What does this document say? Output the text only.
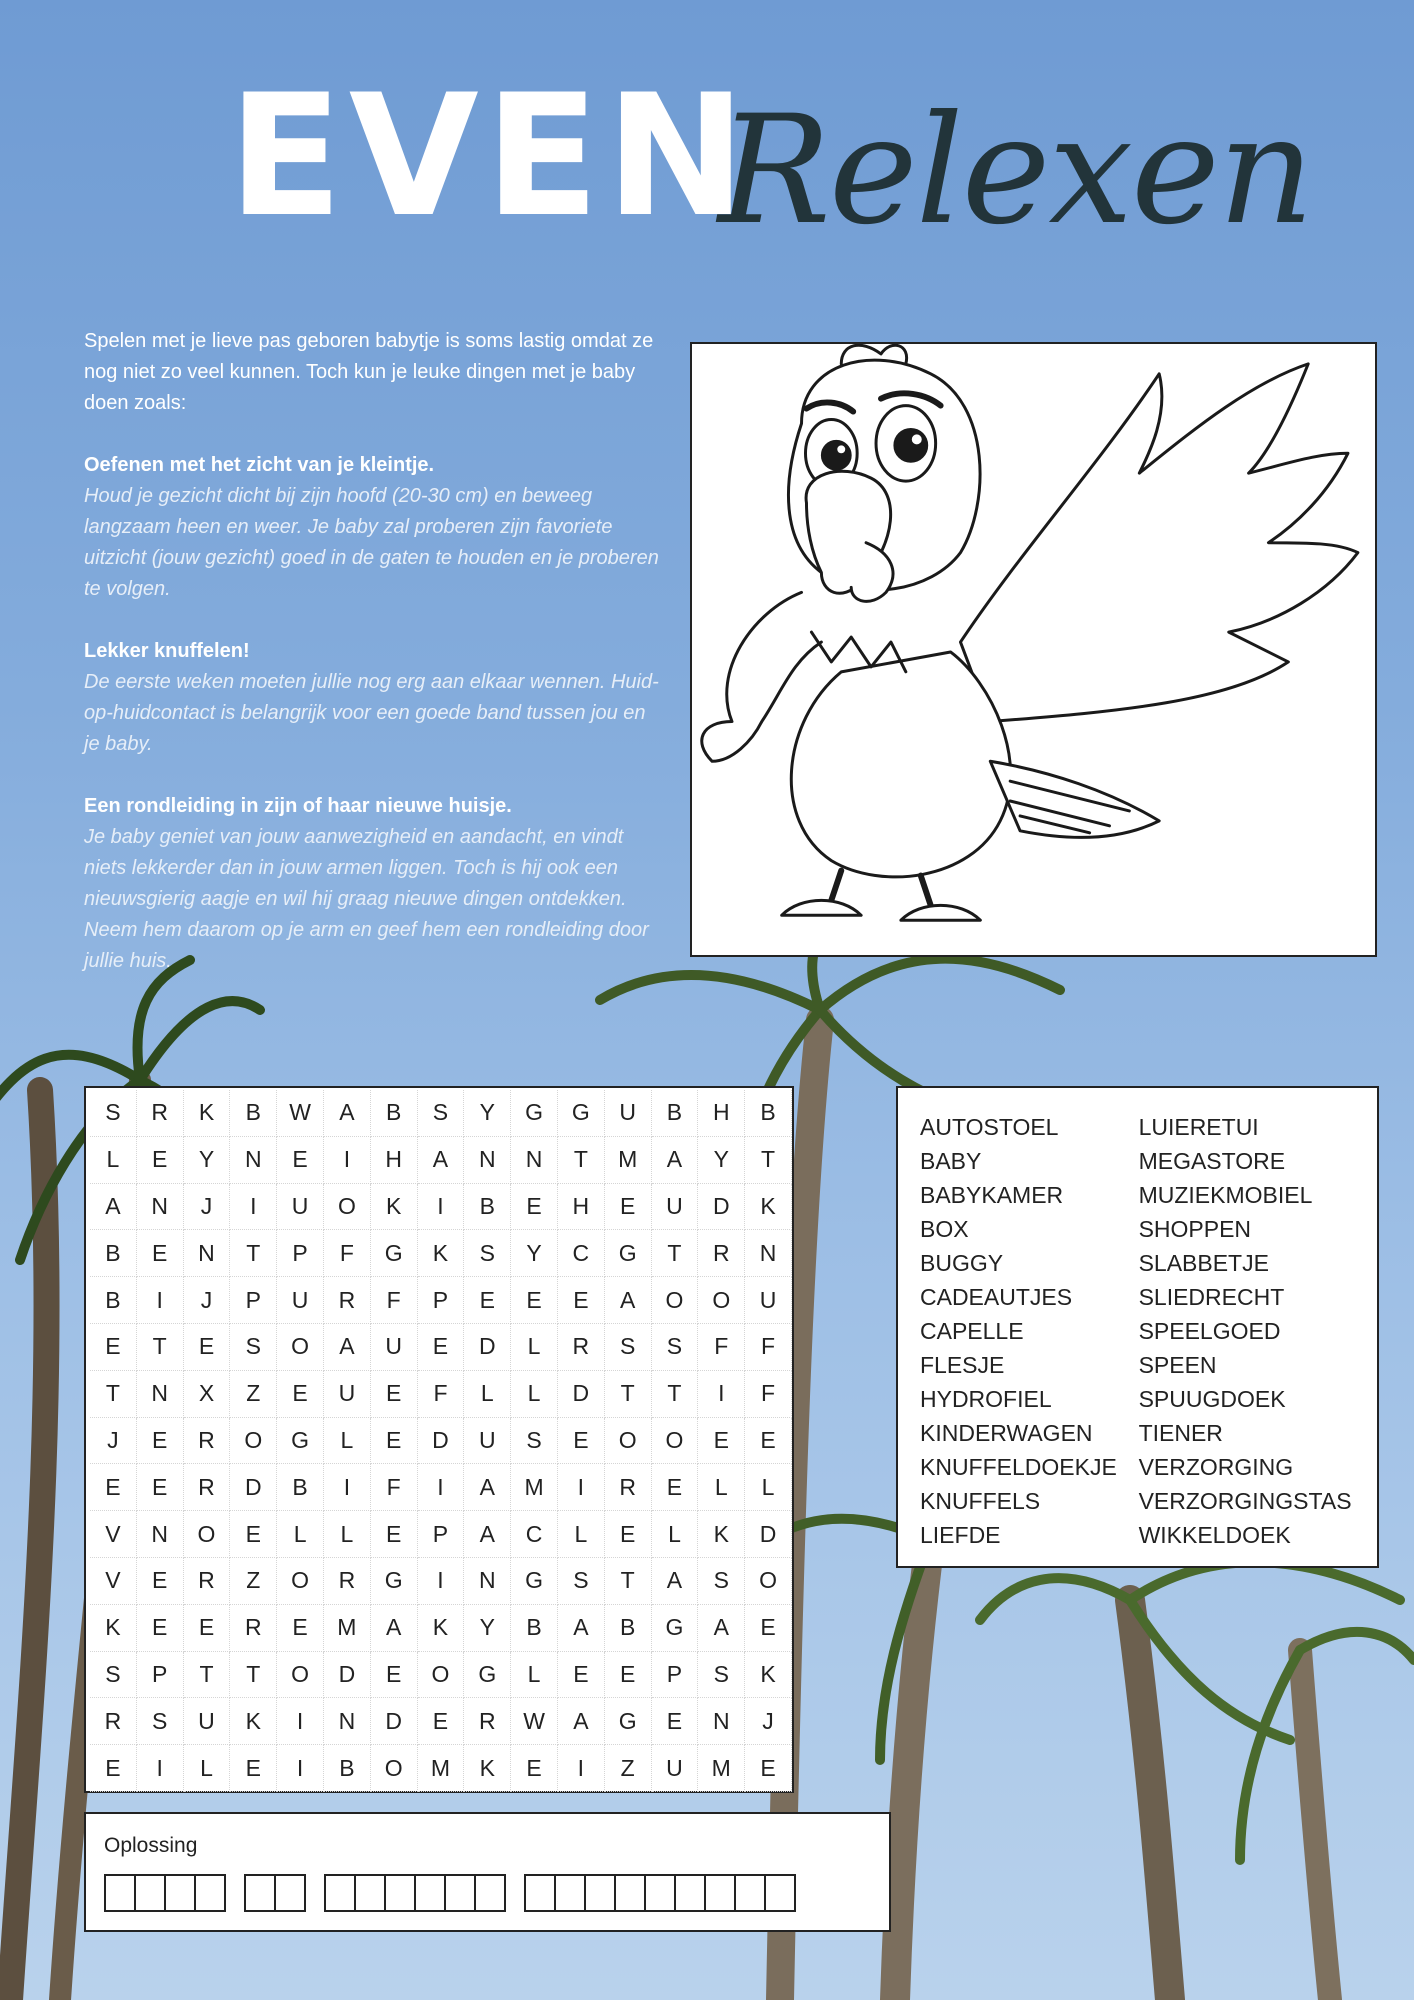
EVEN
Relexen

Spelen met je lieve pas geboren babytje is soms lastig omdat ze nog niet zo veel kunnen. Toch kun je leuke dingen met je baby doen zoals:

Oefenen met het zicht van je kleintje.

Houd je gezicht dicht bij zijn hoofd (20-30 cm) en beweeg langzaam heen en weer. Je baby zal proberen zijn favoriete uitzicht (jouw gezicht) goed in de gaten te houden en je proberen te volgen.

Lekker knuffelen!

De eerste weken moeten jullie nog erg aan elkaar wennen. Huid-op-huidcontact is belangrijk voor een goede band tussen jou en je baby.

Een rondleiding in zijn of haar nieuwe huisje.

Je baby geniet van jouw aanwezigheid en aandacht, en vindt niets lekkerder dan in jouw armen liggen. Toch is hij ook een nieuwsgierig aagje en wil hij graag nieuwe dingen ontdekken. Neem hem daarom op je arm en geef hem een rondleiding door jullie huis.

S	R	K	B	W	A	B	S	Y	G	G	U	B	H	B
L	E	Y	N	E	I	H	A	N	N	T	M	A	Y	T
A	N	J	I	U	O	K	I	B	E	H	E	U	D	K
B	E	N	T	P	F	G	K	S	Y	C	G	T	R	N
B	I	J	P	U	R	F	P	E	E	E	A	O	O	U
E	T	E	S	O	A	U	E	D	L	R	S	S	F	F
T	N	X	Z	E	U	E	F	L	L	D	T	T	I	F
J	E	R	O	G	L	E	D	U	S	E	O	O	E	E
E	E	R	D	B	I	F	I	A	M	I	R	E	L	L
V	N	O	E	L	L	E	P	A	C	L	E	L	K	D
V	E	R	Z	O	R	G	I	N	G	S	T	A	S	O
K	E	E	R	E	M	A	K	Y	B	A	B	G	A	E
S	P	T	T	O	D	E	O	G	L	E	E	P	S	K
R	S	U	K	I	N	D	E	R	W	A	G	E	N	J
E	I	L	E	I	B	O	M	K	E	I	Z	U	M	E
AUTOSTOEL
BABY
BABYKAMER
BOX
BUGGY
CADEAUTJES
CAPELLE
FLESJE
HYDROFIEL
KINDERWAGEN
KNUFFELDOEKJE
KNUFFELS
LIEFDE
LUIERETUI
MEGASTORE
MUZIEKMOBIEL
SHOPPEN
SLABBETJE
SLIEDRECHT
SPEELGOED
SPEEN
SPUUGDOEK
TIENER
VERZORGING
VERZORGINGSTAS
WIKKELDOEK
Oplossing
